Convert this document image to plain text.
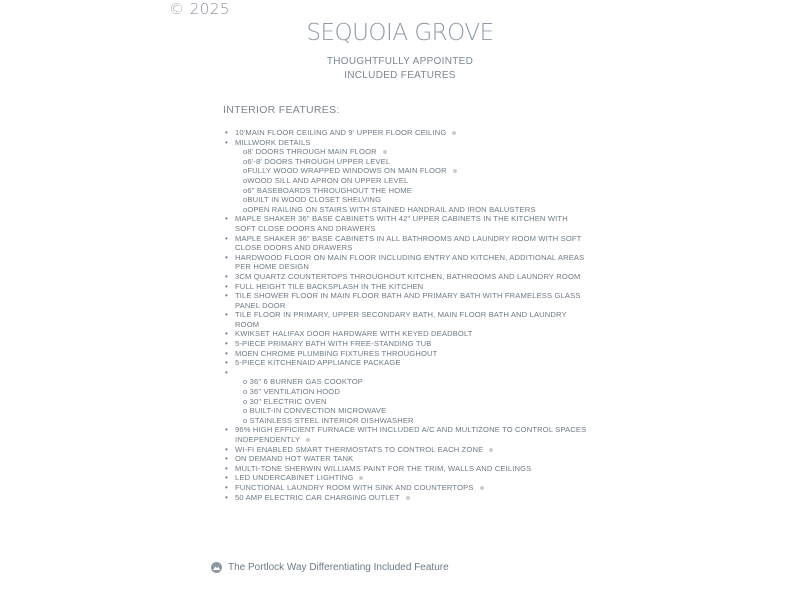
© 2025
SEQUOIA GROVE
THOUGHTFULLY APPOINTED
INCLUDED FEATURES
INTERIOR FEATURES:
• 10'MAIN FLOOR CEILING AND 9' UPPER FLOOR CEILING
• MILLWORK DETAILS
o8' DOORS THROUGH MAIN FLOOR
o6'-8' DOORS THROUGH UPPER LEVEL
oFULLY WOOD WRAPPED WINDOWS ON MAIN FLOOR
oWOOD SILL AND APRON ON UPPER LEVEL
o6" BASEBOARDS THROUGHOUT THE HOME
oBUILT IN WOOD CLOSET SHELVING
oOPEN RAILING ON STAIRS WITH STAINED HANDRAIL AND IRON BALUSTERS
• MAPLE SHAKER 36" BASE CABINETS WITH 42" UPPER CABINETS IN THE KITCHEN WITH SOFT CLOSE DOORS AND DRAWERS
• MAPLE SHAKER 36" BASE CABINETS IN ALL BATHROOMS AND LAUNDRY ROOM WITH SOFT CLOSE DOORS AND DRAWERS
• HARDWOOD FLOOR ON MAIN FLOOR INCLUDING ENTRY AND KITCHEN, ADDITIONAL AREAS PER HOME DESIGN
• 3CM QUARTZ COUNTERTOPS THROUGHOUT KITCHEN, BATHROOMS AND LAUNDRY ROOM
• FULL HEIGHT TILE BACKSPLASH IN THE KITCHEN
• TILE SHOWER FLOOR IN MAIN FLOOR BATH AND PRIMARY BATH WITH FRAMELESS GLASS PANEL DOOR
• TILE FLOOR IN PRIMARY, UPPER SECONDARY BATH, MAIN FLOOR BATH AND LAUNDRY ROOM
• KWIKSET HALIFAX DOOR HARDWARE WITH KEYED DEADBOLT
• 5-PIECE PRIMARY BATH WITH FREE-STANDING TUB
• MOEN CHROME PLUMBING FIXTURES THROUGHOUT
• 5-PIECE KITCHENAID APPLIANCE PACKAGE
•
o 36" 6 BURNER GAS COOKTOP
o 36" VENTILATION HOOD
o 30" ELECTRIC OVEN
o BUILT-IN CONVECTION MICROWAVE
o STAINLESS STEEL INTERIOR DISHWASHER
• 96% HIGH EFFICIENT FURNACE WITH INCLUDED A/C AND MULTIZONE TO CONTROL SPACES INDEPENDENTLY
• WI-FI ENABLED SMART THERMOSTATS TO CONTROL EACH ZONE
• ON DEMAND HOT WATER TANK
• MULTI-TONE SHERWIN WILLIAMS PAINT FOR THE TRIM, WALLS AND CEILINGS
• LED UNDERCABINET LIGHTING
• FUNCTIONAL LAUNDRY ROOM WITH SINK AND COUNTERTOPS
• 50 AMP ELECTRIC CAR CHARGING OUTLET
The Portlock Way Differentiating Included Feature
